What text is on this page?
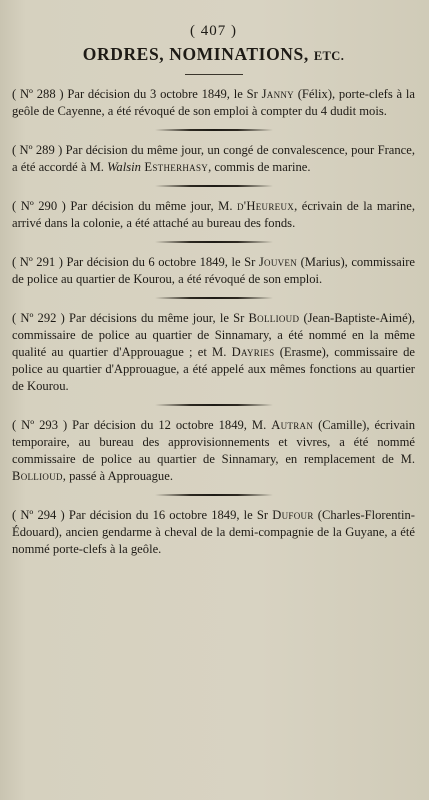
( 407 )
ORDRES, NOMINATIONS, ETC.

( Nº 288 ) Par décision du 3 octobre 1849, le Sr Janny (Félix), porte-clefs à la geôle de Cayenne, a été révoqué de son emploi à compter du 4 dudit mois.

( Nº 289 ) Par décision du même jour, un congé de convalescence, pour France, a été accordé à M. Walsin Estherhasy, commis de marine.

( Nº 290 ) Par décision du même jour, M. d'Heureux, écrivain de la marine, arrivé dans la colonie, a été attaché au bureau des fonds.

( Nº 291 ) Par décision du 6 octobre 1849, le Sr Jouven (Marius), commissaire de police au quartier de Kourou, a été révoqué de son emploi.

( Nº 292 ) Par décisions du même jour, le Sr Bollioud (Jean-Baptiste-Aimé), commissaire de police au quartier de Sinnamary, a été nommé en la même qualité au quartier d'Approuague ; et M. Dayries (Erasme), commissaire de police au quartier d'Approuague, a été appelé aux mêmes fonctions au quartier de Kourou.

( Nº 293 ) Par décision du 12 octobre 1849, M. Autran (Camille), écrivain temporaire, au bureau des approvisionnements et vivres, a été nommé commissaire de police au quartier de Sinnamary, en remplacement de M. Bollioud, passé à Approuague.

( Nº 294 ) Par décision du 16 octobre 1849, le Sr Dufour (Charles-Florentin-Édouard), ancien gendarme à cheval de la demi-compagnie de la Guyane, a été nommé porte-clefs à la geôle.
